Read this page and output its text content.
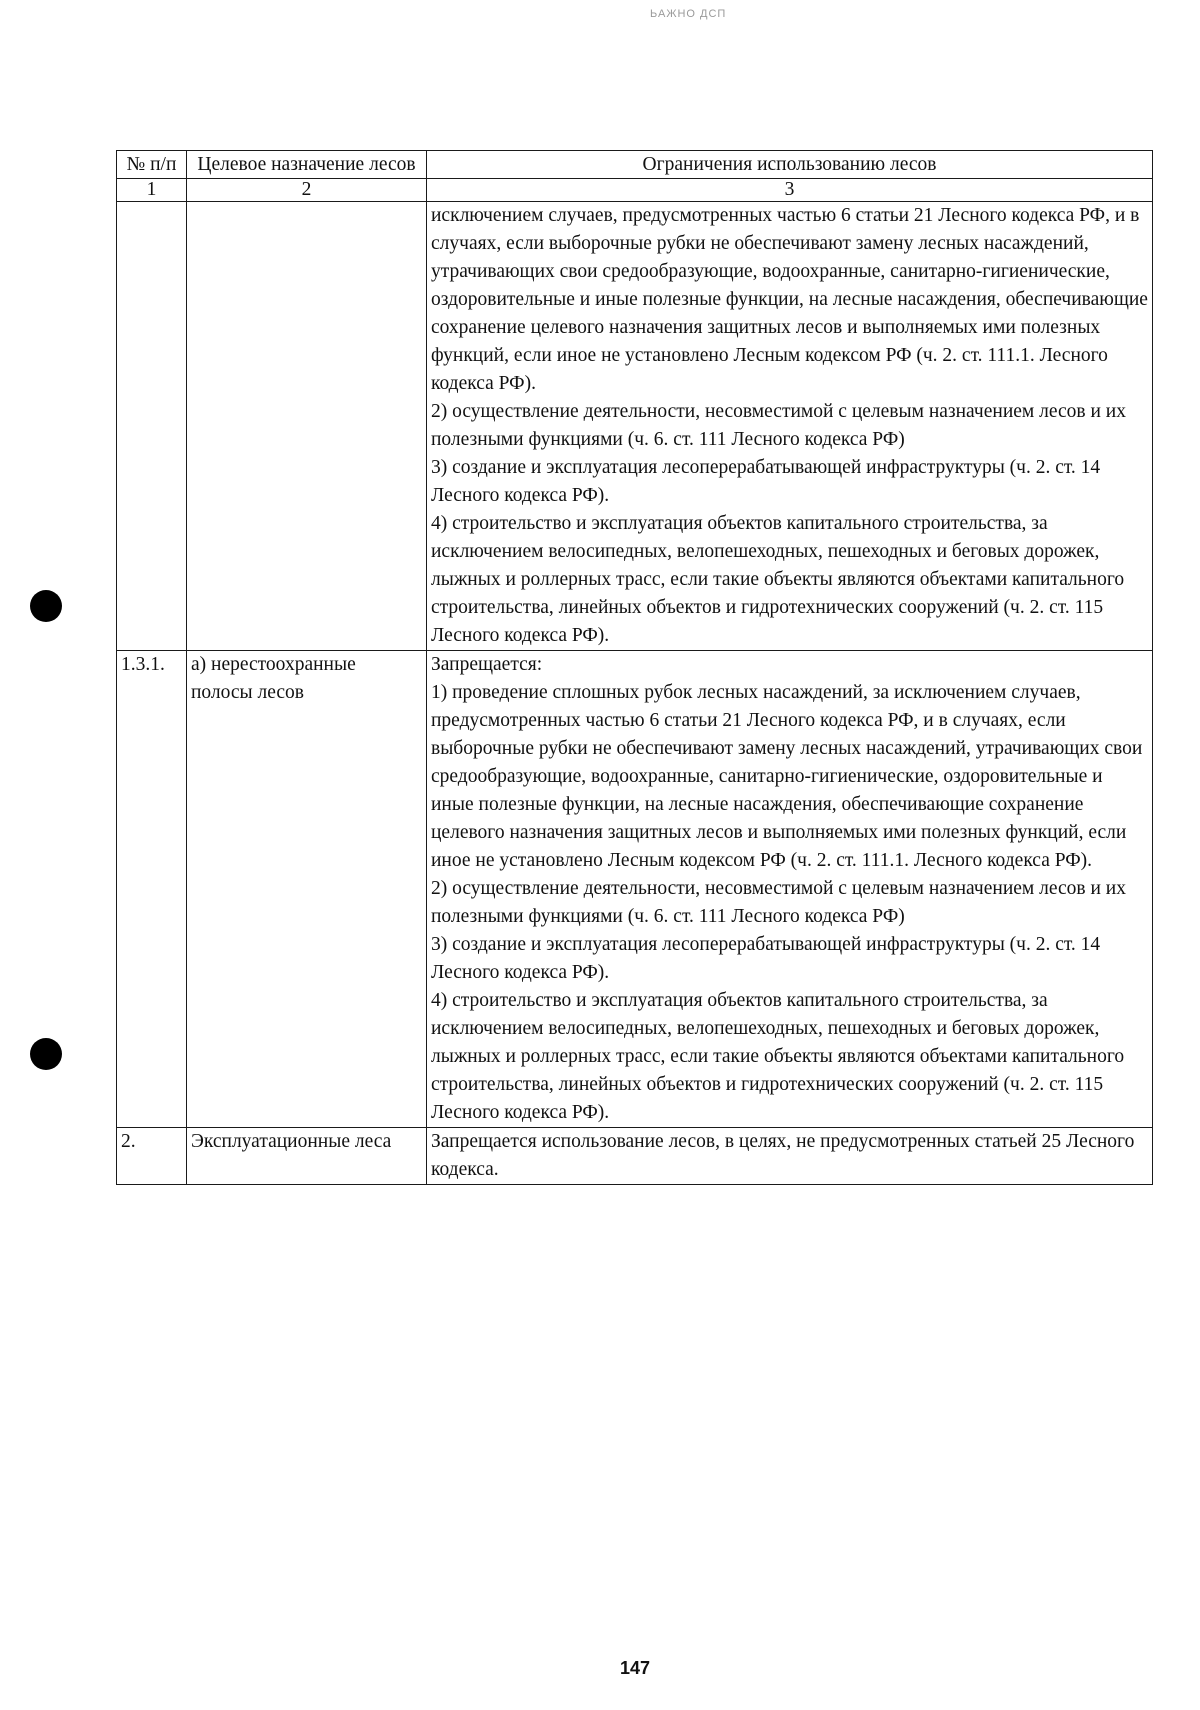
ЬАЖНО ДСП
№ п/п	Целевое назначение лесов	Ограничения использованию лесов
1	2	3

		исключением случаев, предусмотренных частью 6 статьи 21 Лесного кодекса РФ, и в случаях, если выборочные рубки не обеспечивают замену лесных насаждений, утрачивающих свои средообразующие, водоохранные, санитарно-гигиенические, оздоровительные и иные полезные функции, на лесные насаждения, обеспечивающие сохранение целевого назначения защитных лесов и выполняемых ими полезных функций, если иное не установлено Лесным кодексом РФ (ч. 2. ст. 111.1. Лесного кодекса РФ).
2) осуществление деятельности, несовместимой с целевым назначением лесов и их полезными функциями (ч. 6. ст. 111 Лесного кодекса РФ)
3) создание и эксплуатация лесоперерабатывающей инфраструктуры (ч. 2. ст. 14 Лесного кодекса РФ).
4) строительство и эксплуатация объектов капитального строительства, за исключением велосипедных, велопешеходных, пешеходных и беговых дорожек, лыжных и роллерных трасс, если такие объекты являются объектами капитального строительства, линейных объектов и гидротехнических сооружений (ч. 2. ст. 115 Лесного кодекса РФ).

1.3.1.	а) нерестоохранные полосы лесов	Запрещается:
1) проведение сплошных рубок лесных насаждений, за исключением случаев, предусмотренных частью 6 статьи 21 Лесного кодекса РФ, и в случаях, если выборочные рубки не обеспечивают замену лесных насаждений, утрачивающих свои средообразующие, водоохранные, санитарно-гигиенические, оздоровительные и иные полезные функции, на лесные насаждения, обеспечивающие сохранение целевого назначения защитных лесов и выполняемых ими полезных функций, если иное не установлено Лесным кодексом РФ (ч. 2. ст. 111.1. Лесного кодекса РФ).
2) осуществление деятельности, несовместимой с целевым назначением лесов и их полезными функциями (ч. 6. ст. 111 Лесного кодекса РФ)
3) создание и эксплуатация лесоперерабатывающей инфраструктуры (ч. 2. ст. 14 Лесного кодекса РФ).
4) строительство и эксплуатация объектов капитального строительства, за исключением велосипедных, велопешеходных, пешеходных и беговых дорожек, лыжных и роллерных трасс, если такие объекты являются объектами капитального строительства, линейных объектов и гидротехнических сооружений (ч. 2. ст. 115 Лесного кодекса РФ).

2.	Эксплуатационные леса	Запрещается использование лесов, в целях, не предусмотренных статьей 25 Лесного кодекса.
147
